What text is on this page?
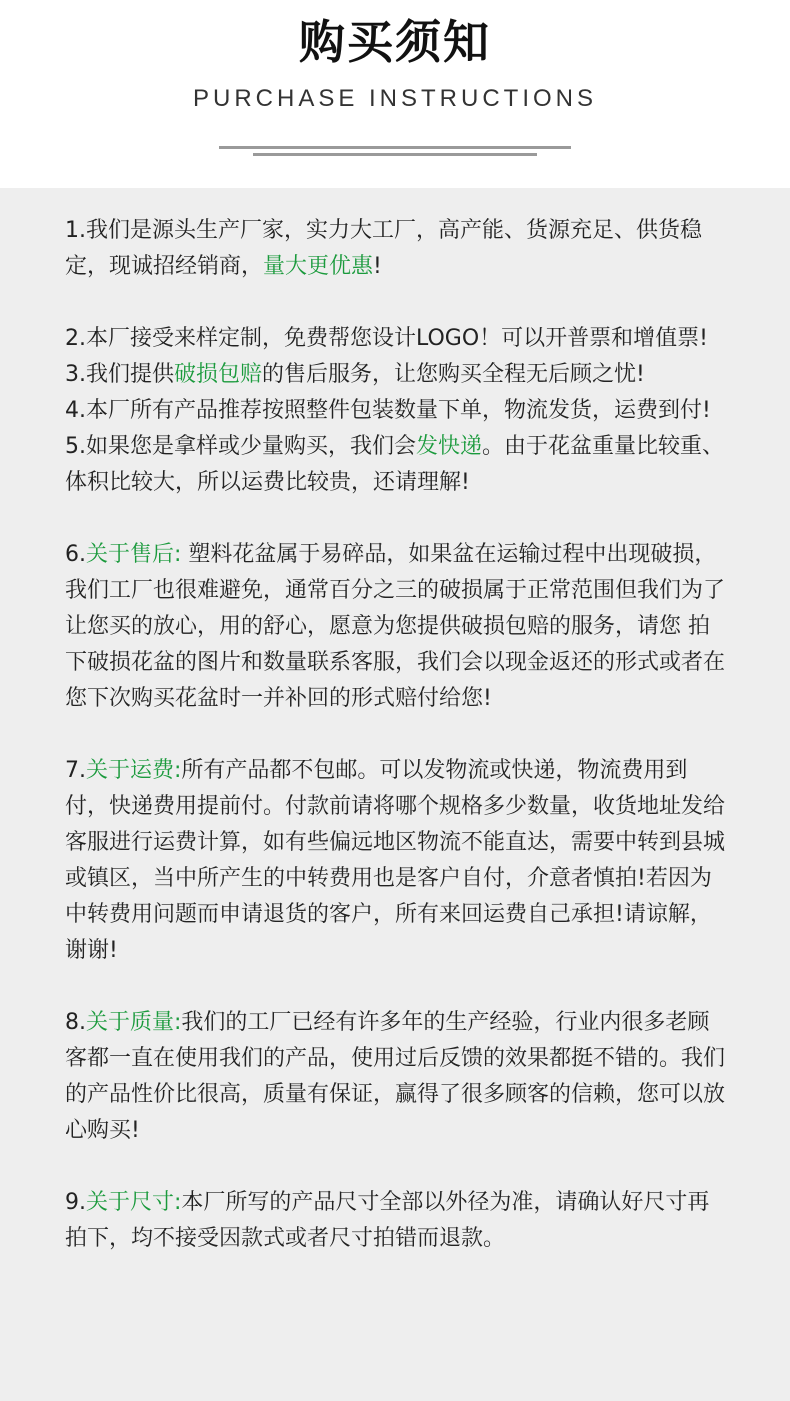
购买须知
PURCHASE INSTRUCTIONS

1.我们是源头生产厂家，实力大工厂，高产能、货源充足、供货稳定，现诚招经销商，量大更优惠!

2.本厂接受来样定制，免费帮您设计LOGO！可以开普票和增值票!

3.我们提供破损包赔的售后服务，让您购买全程无后顾之忧!

4.本厂所有产品推荐按照整件包装数量下单，物流发货，运费到付!

5.如果您是拿样或少量购买，我们会发快递。由于花盆重量比较重、体积比较大，所以运费比较贵，还请理解!

6.关于售后: 塑料花盆属于易碎品，如果盆在运输过程中出现破损，我们工厂也很难避免，通常百分之三的破损属于正常范围但我们为了让您买的放心，用的舒心，愿意为您提供破损包赔的服务，请您 拍下破损花盆的图片和数量联系客服，我们会以现金返还的形式或者在您下次购买花盆时一并补回的形式赔付给您!

7.关于运费:所有产品都不包邮。可以发物流或快递，物流费用到付，快递费用提前付。付款前请将哪个规格多少数量，收货地址发给客服进行运费计算，如有些偏远地区物流不能直达，需要中转到县城或镇区，当中所产生的中转费用也是客户自付，介意者慎拍!若因为中转费用问题而申请退货的客户，所有来回运费自己承担!请谅解，谢谢!

8.关于质量:我们的工厂已经有许多年的生产经验，行业内很多老顾客都一直在使用我们的产品，使用过后反馈的效果都挺不错的。我们的产品性价比很高，质量有保证，赢得了很多顾客的信赖，您可以放心购买!

9.关于尺寸:本厂所写的产品尺寸全部以外径为准，请确认好尺寸再拍下，均不接受因款式或者尺寸拍错而退款。
